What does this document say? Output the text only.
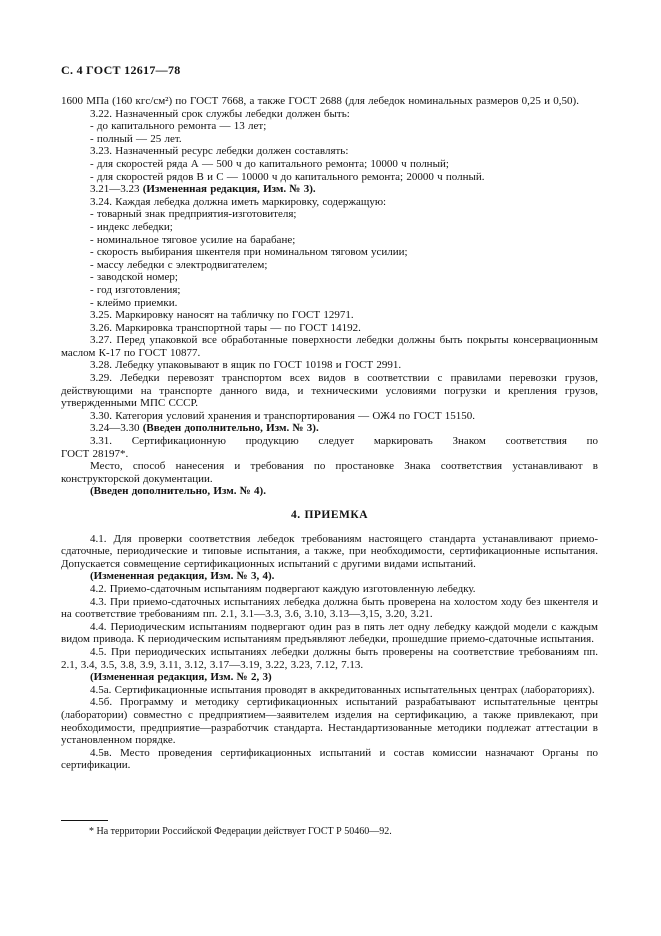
С. 4 ГОСТ 12617—78

1600 МПа (160 кгс/см²) по ГОСТ 7668, а также ГОСТ 2688 (для лебедок номинальных размеров 0,25 и 0,50).

3.22. Назначенный срок службы лебедки должен быть:

- до капитального ремонта — 13 лет;

- полный — 25 лет.

3.23. Назначенный ресурс лебедки должен составлять:

- для скоростей ряда А — 500 ч до капитального ремонта; 10000 ч полный;

- для скоростей рядов В и С — 10000 ч до капитального ремонта; 20000 ч полный.

3.21—3.23 (Измененная редакция, Изм. № 3).

3.24. Каждая лебедка должна иметь маркировку, содержащую:

- товарный знак предприятия-изготовителя;

- индекс лебедки;

- номинальное тяговое усилие на барабане;

- скорость выбирания шкентеля при номинальном тяговом усилии;

- массу лебедки с электродвигателем;

- заводской номер;

- год изготовления;

- клеймо приемки.

3.25. Маркировку наносят на табличку по ГОСТ 12971.

3.26. Маркировка транспортной тары — по ГОСТ 14192.

3.27. Перед упаковкой все обработанные поверхности лебедки должны быть покрыты консервационным маслом К-17 по ГОСТ 10877.

3.28. Лебедку упаковывают в ящик по ГОСТ 10198 и ГОСТ 2991.

3.29. Лебедки перевозят транспортом всех видов в соответствии с правилами перевозки грузов, действующими на транспорте данного вида, и техническими условиями погрузки и крепления грузов, утвержденными МПС СССР.

3.30. Категория условий хранения и транспортирования — ОЖ4 по ГОСТ 15150.

3.24—3.30 (Введен дополнительно, Изм. № 3).

3.31. Сертификационную продукцию следует маркировать Знаком соответствия по

ГОСТ 28197*.

Место, способ нанесения и требования по простановке Знака соответствия устанавливают в конструкторской документации.

(Введен дополнительно, Изм. № 4).

4. ПРИЕМКА

4.1. Для проверки соответствия лебедок требованиям настоящего стандарта устанавливают приемо-сдаточные, периодические и типовые испытания, а также, при необходимости, сертификационные испытания. Допускается совмещение сертификационных испытаний с другими видами испытаний.

(Измененная редакция, Изм. № 3, 4).

4.2. Приемо-сдаточным испытаниям подвергают каждую изготовленную лебедку.

4.3. При приемо-сдаточных испытаниях лебедка должна быть проверена на холостом ходу без шкентеля и на соответствие требованиям пп. 2.1, 3.1—3.3, 3.6, 3.10, 3.13—3,15, 3.20, 3.21.

4.4. Периодическим испытаниям подвергают один раз в пять лет одну лебедку каждой модели с каждым видом привода. К периодическим испытаниям предъявляют лебедки, прошедшие приемо-сдаточные испытания.

4.5. При периодических испытаниях лебедки должны быть проверены на соответствие требованиям пп. 2.1, 3.4, 3.5, 3.8, 3.9, 3.11, 3.12, 3.17—3.19, 3.22, 3.23, 7.12, 7.13.

(Измененная редакция, Изм. № 2, 3)

4.5а. Сертификационные испытания проводят в аккредитованных испытательных центрах (лабораториях).

4.5б. Программу и методику сертификационных испытаний разрабатывают испытательные центры (лаборатории) совместно с предприятием—заявителем изделия на сертификацию, а также привлекают, при необходимости, предприятие—разработчик стандарта. Нестандартизованные методики подлежат аттестации в установленном порядке.

4.5в. Место проведения сертификационных испытаний и состав комиссии назначают Органы по сертификации.

* На территории Российской Федерации действует ГОСТ Р 50460—92.
